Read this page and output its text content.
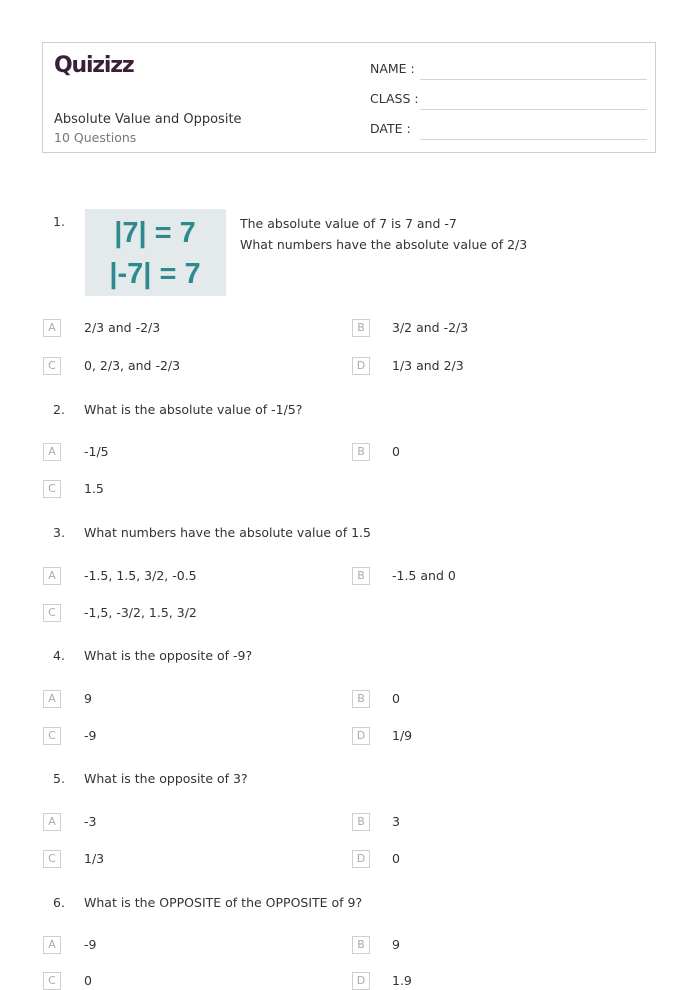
Quizizz
Absolute Value and Opposite
10 Questions
NAME :
CLASS :
DATE :
1. |7| = 7
|-7| = 7
The absolute value of 7 is 7 and -7
What numbers have the absolute value of 2/3
A	2/3 and -2/3	B	3/2 and -2/3
C	0, 2/3, and -2/3	D	1/3 and 2/3
2. What is the absolute value of -1/5?
A	-1/5	B	0
C	1.5
3. What numbers have the absolute value of 1.5
A	-1.5, 1.5, 3/2, -0.5	B	-1.5 and 0
C	-1,5, -3/2, 1.5, 3/2
4. What is the opposite of -9?
A	9	B	0
C	-9	D	1/9
5. What is the opposite of 3?
A	-3	B	3
C	1/3	D	0
6. What is the OPPOSITE of the OPPOSITE of 9?
A	-9	B	9
C	0	D	1.9
